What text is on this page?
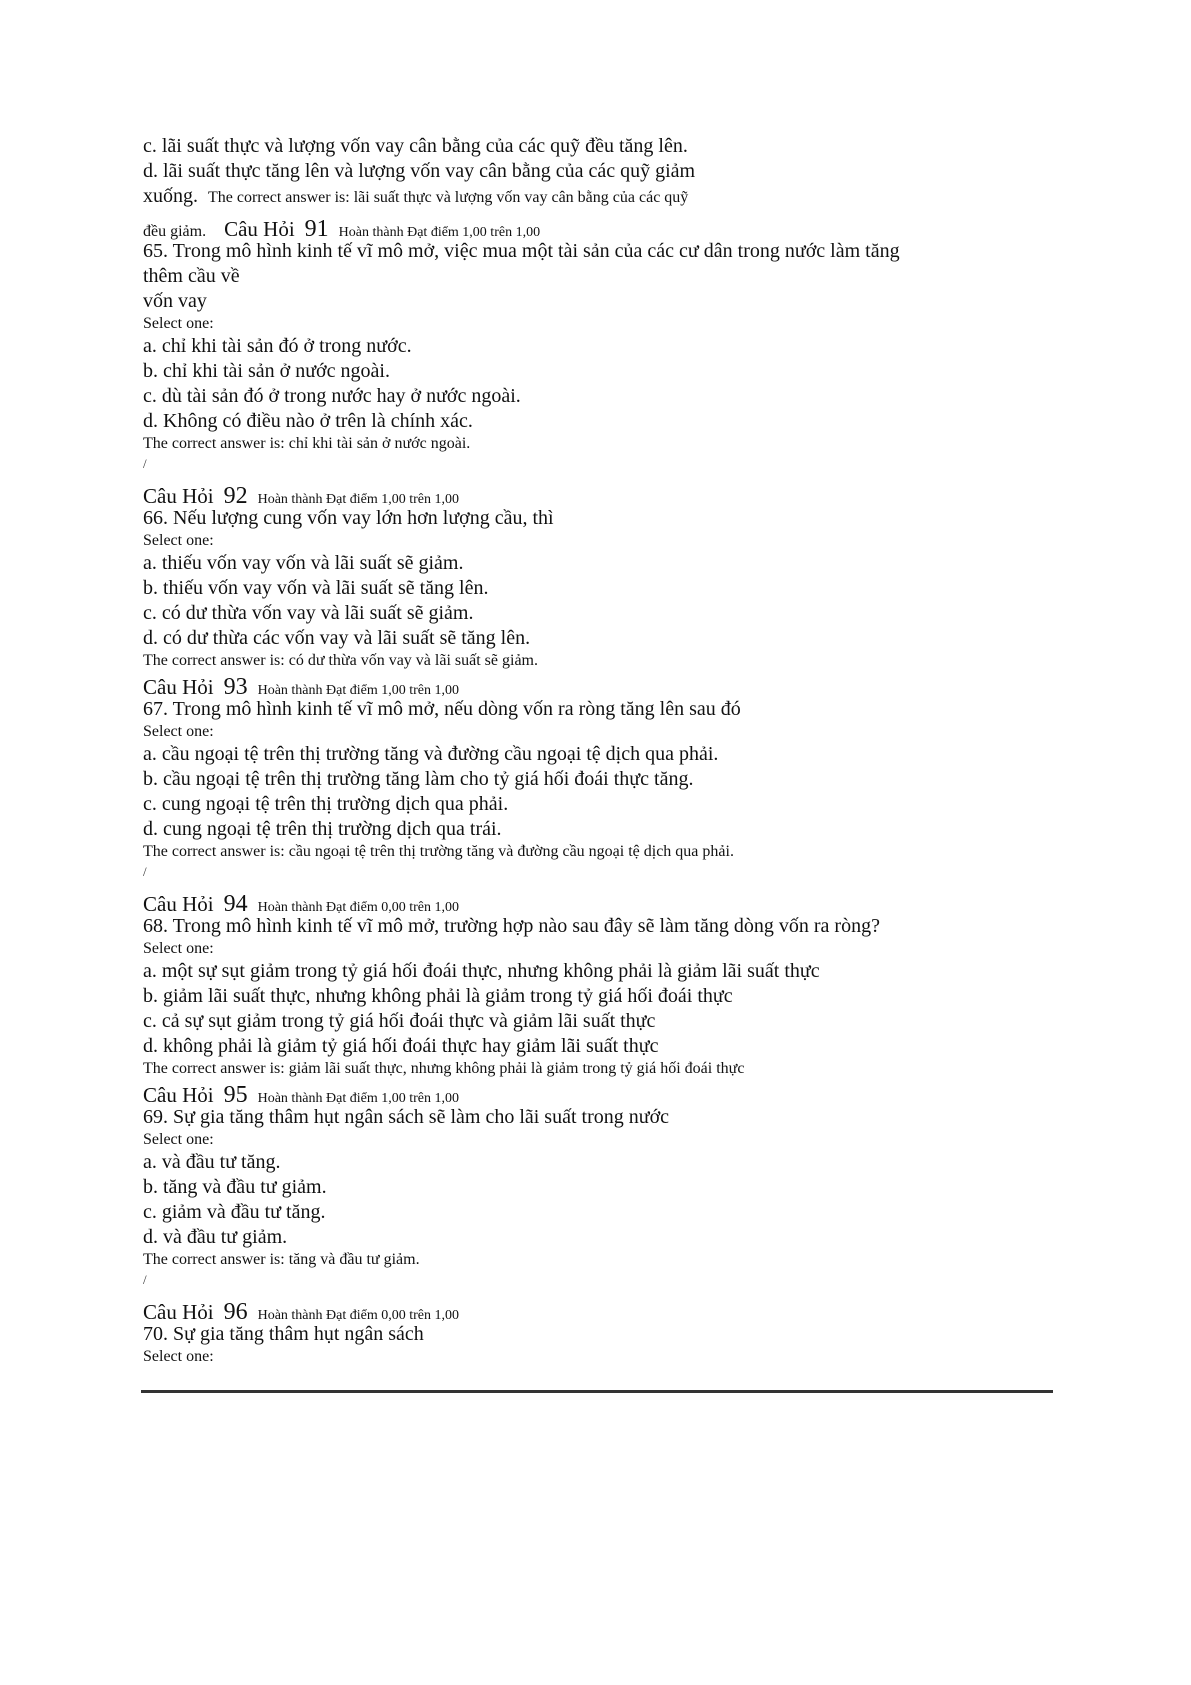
c. lãi suất thực và lượng vốn vay cân bằng của các quỹ đều tăng lên.

d. lãi suất thực tăng lên và lượng vốn vay cân bằng của các quỹ giảm

xuống. The correct answer is: lãi suất thực và lượng vốn vay cân bằng của các quỹ

đều giảm. Câu Hỏi 91 Hoàn thành Đạt điểm 1,00 trên 1,00

65. Trong mô hình kinh tế vĩ mô mở, việc mua một tài sản của các cư dân trong nước làm tăng

thêm cầu về

vốn vay

Select one:

a. chỉ khi tài sản đó ở trong nước.

b. chỉ khi tài sản ở nước ngoài.

c. dù tài sản đó ở trong nước hay ở nước ngoài.

d. Không có điều nào ở trên là chính xác.

The correct answer is: chỉ khi tài sản ở nước ngoài.

/

Câu Hỏi 92 Hoàn thành Đạt điểm 1,00 trên 1,00

66. Nếu lượng cung vốn vay lớn hơn lượng cầu, thì

Select one:

a. thiếu vốn vay vốn và lãi suất sẽ giảm.

b. thiếu vốn vay vốn và lãi suất sẽ tăng lên.

c. có dư thừa vốn vay và lãi suất sẽ giảm.

d. có dư thừa các vốn vay và lãi suất sẽ tăng lên.

The correct answer is: có dư thừa vốn vay và lãi suất sẽ giảm.

Câu Hỏi 93 Hoàn thành Đạt điểm 1,00 trên 1,00

67. Trong mô hình kinh tế vĩ mô mở, nếu dòng vốn ra ròng tăng lên sau đó

Select one:

a. cầu ngoại tệ trên thị trường tăng và đường cầu ngoại tệ dịch qua phải.

b. cầu ngoại tệ trên thị trường tăng làm cho tỷ giá hối đoái thực tăng.

c. cung ngoại tệ trên thị trường dịch qua phải.

d. cung ngoại tệ trên thị trường dịch qua trái.

The correct answer is: cầu ngoại tệ trên thị trường tăng và đường cầu ngoại tệ dịch qua phải.

/

Câu Hỏi 94 Hoàn thành Đạt điểm 0,00 trên 1,00

68. Trong mô hình kinh tế vĩ mô mở, trường hợp nào sau đây sẽ làm tăng dòng vốn ra ròng?

Select one:

a. một sự sụt giảm trong tỷ giá hối đoái thực, nhưng không phải là giảm lãi suất thực

b. giảm lãi suất thực, nhưng không phải là giảm trong tỷ giá hối đoái thực

c. cả sự sụt giảm trong tỷ giá hối đoái thực và giảm lãi suất thực

d. không phải là giảm tỷ giá hối đoái thực hay giảm lãi suất thực

The correct answer is: giảm lãi suất thực, nhưng không phải là giảm trong tỷ giá hối đoái thực

Câu Hỏi 95 Hoàn thành Đạt điểm 1,00 trên 1,00

69. Sự gia tăng thâm hụt ngân sách sẽ làm cho lãi suất trong nước

Select one:

a. và đầu tư tăng.

b. tăng và đầu tư giảm.

c. giảm và đầu tư tăng.

d. và đầu tư giảm.

The correct answer is: tăng và đầu tư giảm.

/

Câu Hỏi 96 Hoàn thành Đạt điểm 0,00 trên 1,00

70. Sự gia tăng thâm hụt ngân sách

Select one:
